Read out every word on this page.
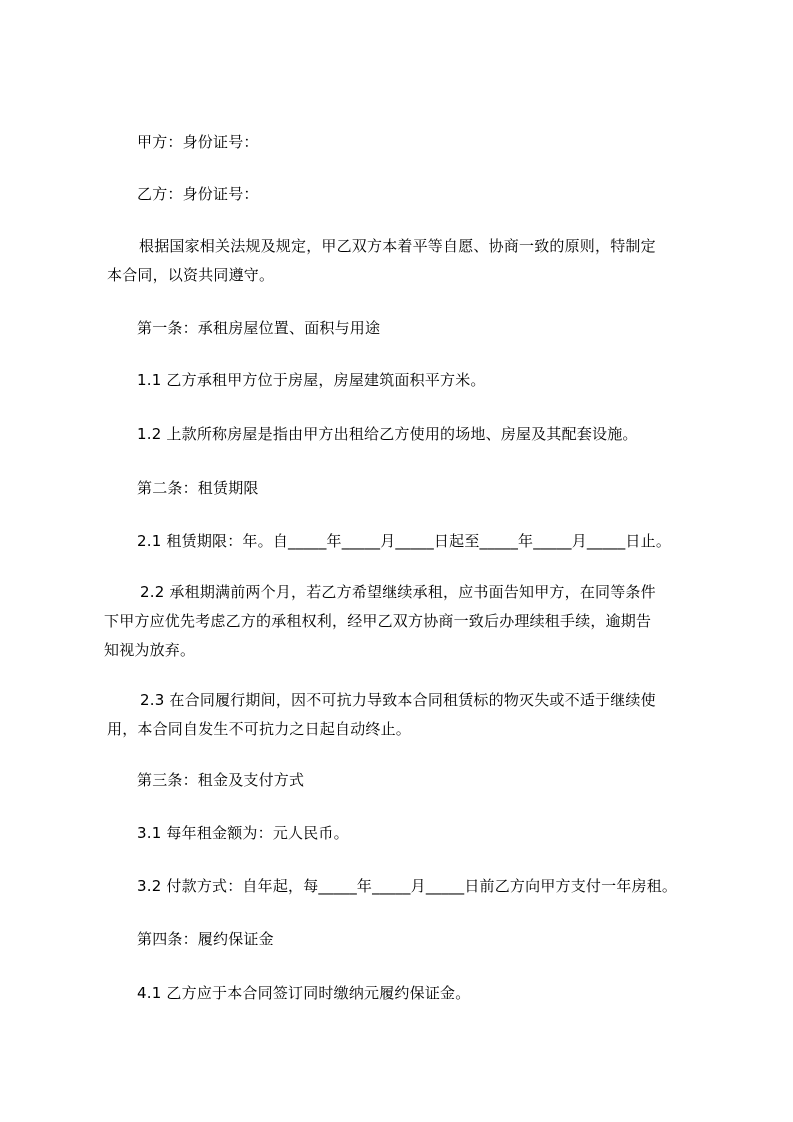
甲方：身份证号：
乙方：身份证号：
根据国家相关法规及规定，甲乙双方本着平等自愿、协商一致的原则，特制定本合同，以资共同遵守。
第一条：承租房屋位置、面积与用途
1.1 乙方承租甲方位于房屋，房屋建筑面积平方米。
1.2 上款所称房屋是指由甲方出租给乙方使用的场地、房屋及其配套设施。
第二条：租赁期限
2.1 租赁期限：年。自_____年_____月_____日起至_____年_____月_____日止。
2.2 承租期满前两个月，若乙方希望继续承租，应书面告知甲方，在同等条件下甲方应优先考虑乙方的承租权利，经甲乙双方协商一致后办理续租手续，逾期告知视为放弃。
2.3 在合同履行期间，因不可抗力导致本合同租赁标的物灭失或不适于继续使用，本合同自发生不可抗力之日起自动终止。
第三条：租金及支付方式
3.1 每年租金额为：元人民币。
3.2 付款方式：自年起，每_____年_____月_____日前乙方向甲方支付一年房租。
第四条：履约保证金
4.1 乙方应于本合同签订同时缴纳元履约保证金。
